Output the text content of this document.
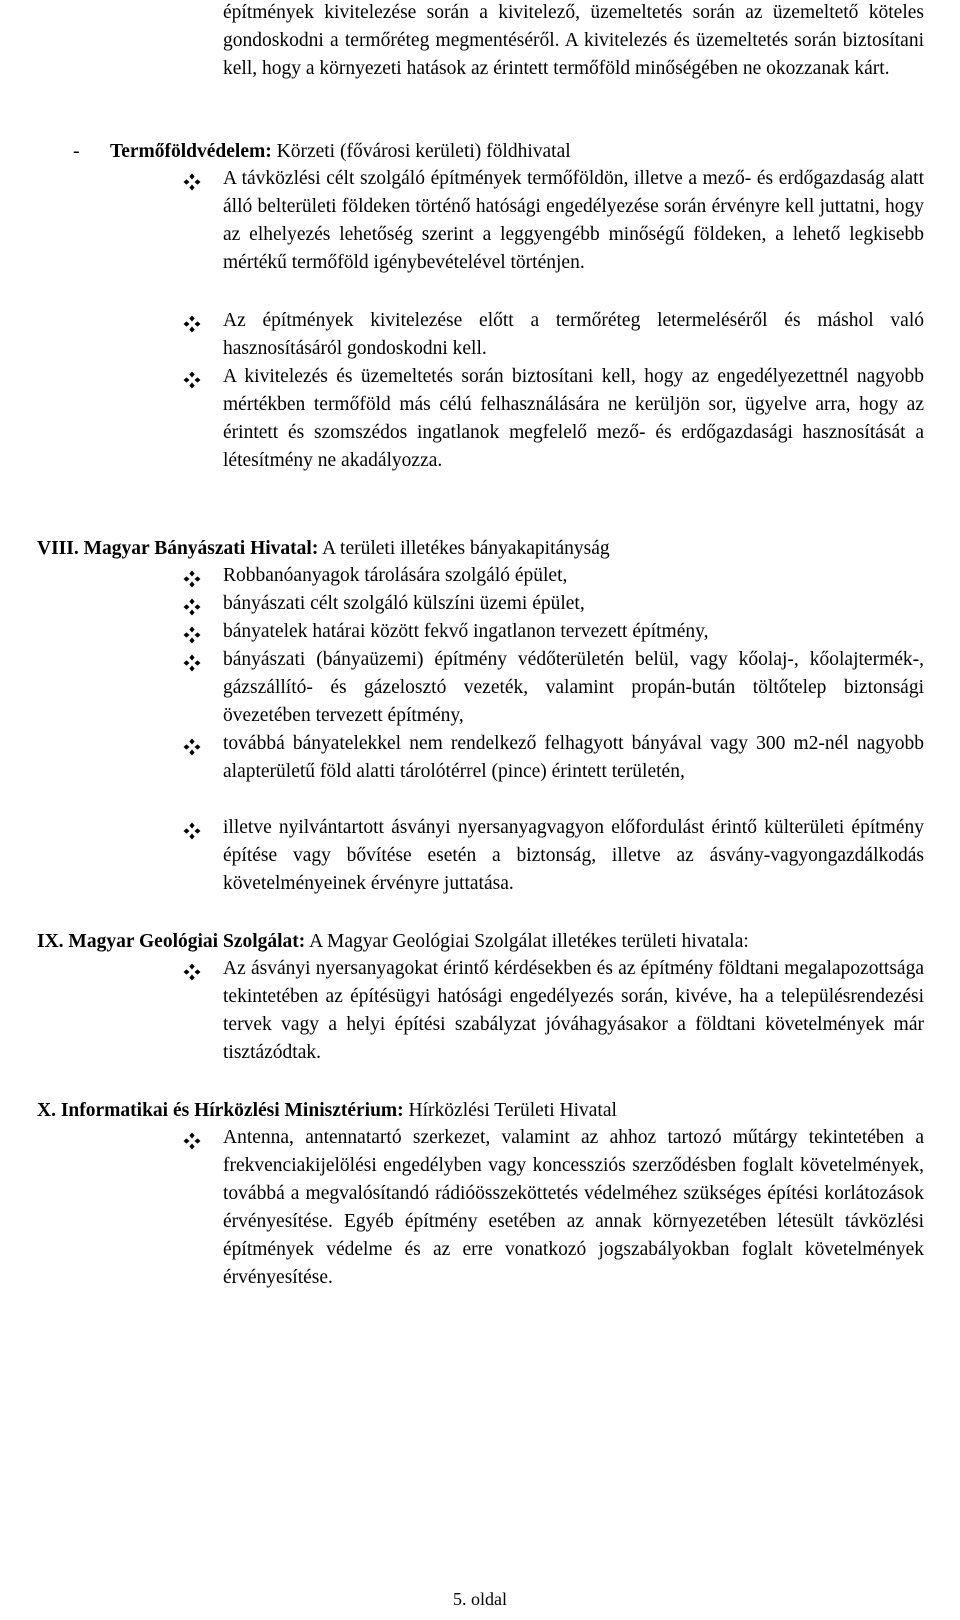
építmények kivitelezése során a kivitelező, üzemeltetés során az üzemeltető köteles gondoskodni a termőréteg megmentéséről. A kivitelezés és üzemeltetés során biztosítani kell, hogy a környezeti hatások az érintett termőföld minőségében ne okozzanak kárt.
- Termőföldvédelem: Körzeti (fővárosi kerületi) földhivatal
A távközlési célt szolgáló építmények termőföldön, illetve a mező- és erdőgazdaság alatt álló belterületi földeken történő hatósági engedélyezése során érvényre kell juttatni, hogy az elhelyezés lehetőség szerint a leggyengébb minőségű földeken, a lehető legkisebb mértékű termőföld igénybevételével történjen.
Az építmények kivitelezése előtt a termőréteg letermeléséről és máshol való hasznosításáról gondoskodni kell.
A kivitelezés és üzemeltetés során biztosítani kell, hogy az engedélyezettnél nagyobb mértékben termőföld más célú felhasználására ne kerüljön sor, ügyelve arra, hogy az érintett és szomszédos ingatlanok megfelelő mező- és erdőgazdasági hasznosítását a létesítmény ne akadályozza.
VIII. Magyar Bányászati Hivatal: A területi illetékes bányakapitányság
Robbanóanyagok tárolására szolgáló épület,
bányászati célt szolgáló külszíni üzemi épület,
bányatelek határai között fekvő ingatlanon tervezett építmény,
bányászati (bányaüzemi) építmény védőterületén belül, vagy kőolaj-, kőolajtermék-, gázszállító- és gázelosztó vezeték, valamint propán-bután töltőtelep biztonsági övezetében tervezett építmény,
továbbá bányatelekkel nem rendelkező felhagyott bányával vagy 300 m2-nél nagyobb alapterületű föld alatti tárolótérrel (pince) érintett területén,
illetve nyilvántartott ásványi nyersanyagvagyon előfordulást érintő külterületi építmény építése vagy bővítése esetén a biztonság, illetve az ásvány-vagyongazdálkodás követelményeinek érvényre juttatása.
IX. Magyar Geológiai Szolgálat: A Magyar Geológiai Szolgálat illetékes területi hivatala:
Az ásványi nyersanyagokat érintő kérdésekben és az építmény földtani megalapozottsága tekintetében az építésügyi hatósági engedélyezés során, kivéve, ha a településrendezési tervek vagy a helyi építési szabályzat jóváhagyásakor a földtani követelmények már tisztázódtak.
X. Informatikai és Hírközlési Minisztérium: Hírközlési Területi Hivatal
Antenna, antennatartó szerkezet, valamint az ahhoz tartozó műtárgy tekintetében a frekvenciakijelölési engedélyben vagy koncessziós szerződésben foglalt követelmények, továbbá a megvalósítandó rádióösszeköttetés védelméhez szükséges építési korlátozások érvényesítése. Egyéb építmény esetében az annak környezetében létesült távközlési építmények védelme és az erre vonatkozó jogszabályokban foglalt követelmények érvényesítése.
5. oldal
